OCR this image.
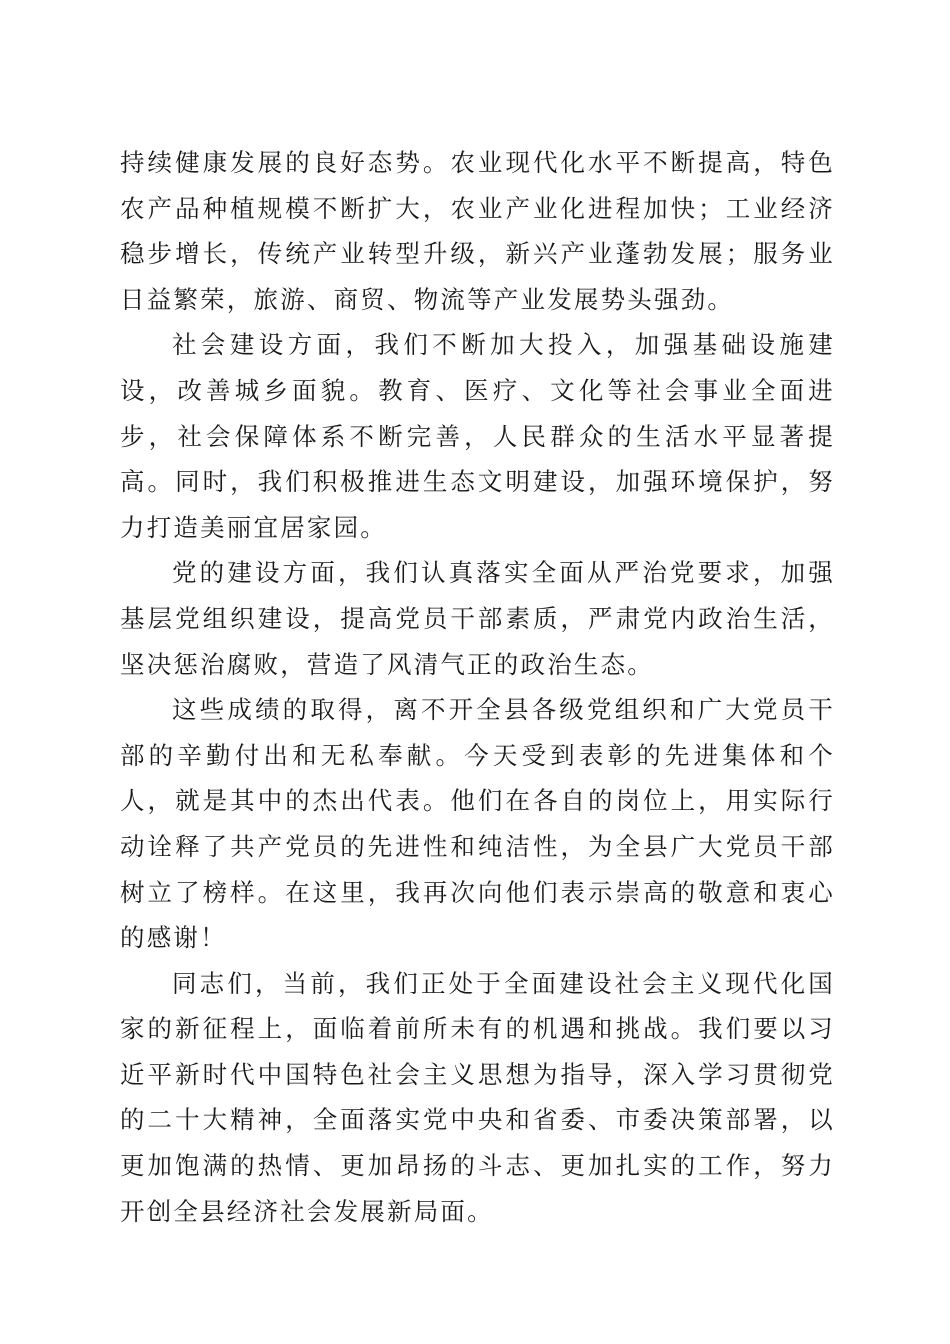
持续健康发展的良好态势。农业现代化水平不断提高，特色农产品种植规模不断扩大，农业产业化进程加快；工业经济稳步增长，传统产业转型升级，新兴产业蓬勃发展；服务业日益繁荣，旅游、商贸、物流等产业发展势头强劲。

社会建设方面，我们不断加大投入，加强基础设施建设，改善城乡面貌。教育、医疗、文化等社会事业全面进步，社会保障体系不断完善，人民群众的生活水平显著提高。同时，我们积极推进生态文明建设，加强环境保护，努力打造美丽宜居家园。

党的建设方面，我们认真落实全面从严治党要求，加强基层党组织建设，提高党员干部素质，严肃党内政治生活，坚决惩治腐败，营造了风清气正的政治生态。

这些成绩的取得，离不开全县各级党组织和广大党员干部的辛勤付出和无私奉献。今天受到表彰的先进集体和个人，就是其中的杰出代表。他们在各自的岗位上，用实际行动诠释了共产党员的先进性和纯洁性，为全县广大党员干部树立了榜样。在这里，我再次向他们表示崇高的敬意和衷心的感谢！

同志们，当前，我们正处于全面建设社会主义现代化国家的新征程上，面临着前所未有的机遇和挑战。我们要以习近平新时代中国特色社会主义思想为指导，深入学习贯彻党的二十大精神，全面落实党中央和省委、市委决策部署，以更加饱满的热情、更加昂扬的斗志、更加扎实的工作，努力开创全县经济社会发展新局面。
